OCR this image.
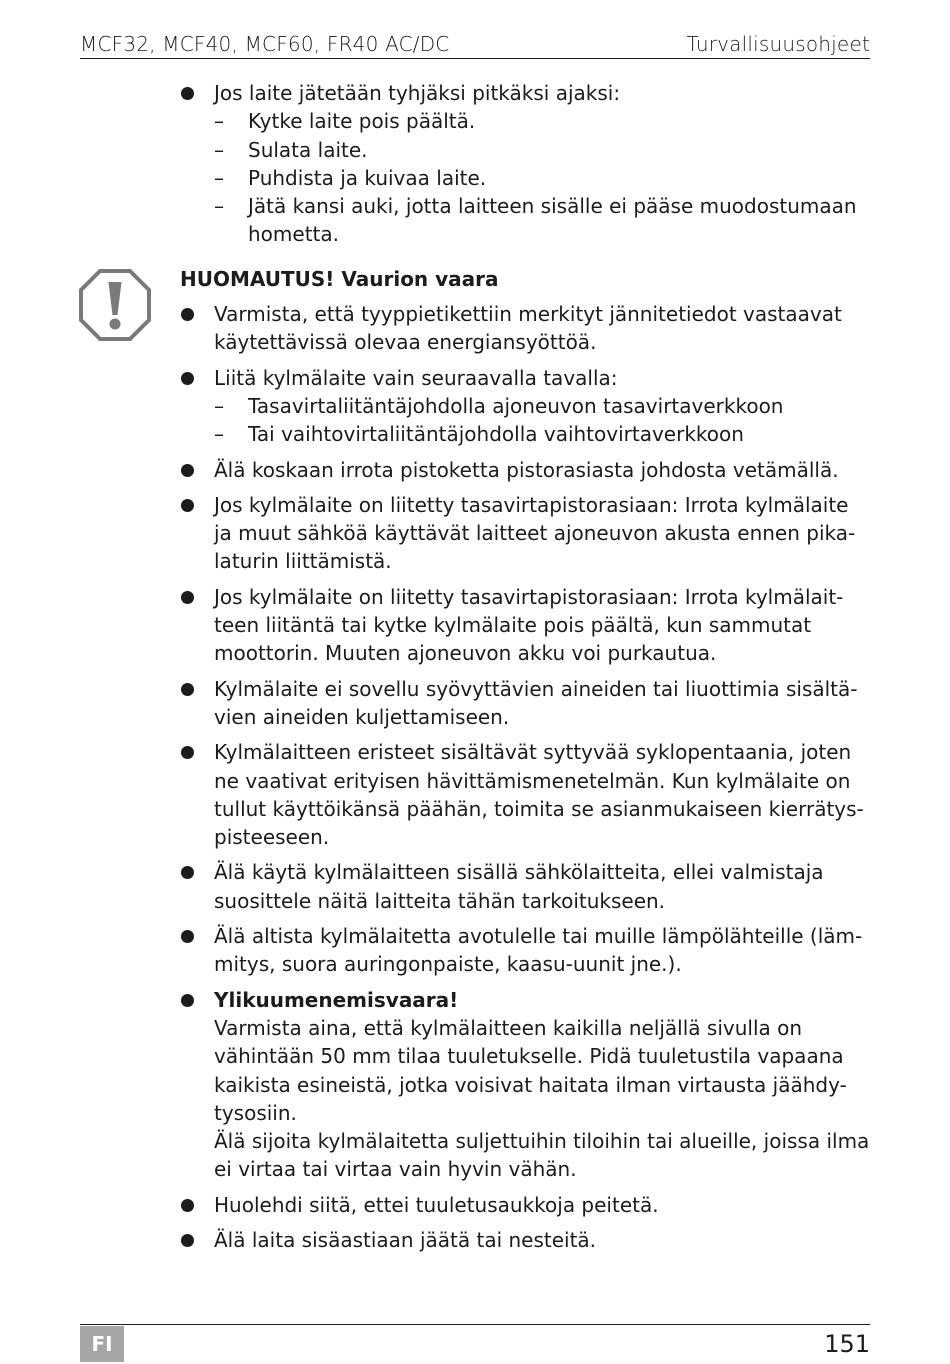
MCF32, MCF40, MCF60, FR40 AC/DC	Turvallisuusohjeet

Jos laite jätetään tyhjäksi pitkäksi ajaksi:

– Kytke laite pois päältä.

– Sulata laite.

– Puhdista ja kuivaa laite.

– Jätä kansi auki, jotta laitteen sisälle ei pääse muodostumaan hometta.

HUOMAUTUS! Vaurion vaara

Varmista, että tyyppietikettiin merkityt jännitetiedot vastaavat käytettävissä olevaa energiansyöttöä.

Liitä kylmälaite vain seuraavalla tavalla:

– Tasavirtaliitäntäjohdolla ajoneuvon tasavirtaverkkoon

– Tai vaihtovirtaliitäntäjohdolla vaihtovirtaverkkoon

Älä koskaan irrota pistoketta pistorasiasta johdosta vetämällä.

Jos kylmälaite on liitetty tasavirtapistorasiaan: Irrota kylmälaite ja muut sähköä käyttävät laitteet ajoneuvon akusta ennen pika-laturin liittämistä.

Jos kylmälaite on liitetty tasavirtapistorasiaan: Irrota kylmälait-teen liitäntä tai kytke kylmälaite pois päältä, kun sammutat moottorin. Muuten ajoneuvon akku voi purkautua.

Kylmälaite ei sovellu syövyttävien aineiden tai liuottimia sisältä-vien aineiden kuljettamiseen.

Kylmälaitteen eristeet sisältävät syttyvää syklopentaania, joten ne vaativat erityisen hävittämismenetelmän. Kun kylmälaite on tullut käyttöikänsä päähän, toimita se asianmukaiseen kierrätys-pisteeseen.

Älä käytä kylmälaitteen sisällä sähkölaitteita, ellei valmistaja suosittele näitä laitteita tähän tarkoitukseen.

Älä altista kylmälaitetta avotulelle tai muille lämpölähteille (läm-mitys, suora auringonpaiste, kaasu-uunit jne.).

Ylikuumenemisvaara!
Varmista aina, että kylmälaitteen kaikilla neljällä sivulla on vähintään 50 mm tilaa tuuletukselle. Pidä tuuletustila vapaana kaikista esineistä, jotka voisivat haitata ilman virtausta jäähdy-tysosiin.
Älä sijoita kylmälaitetta suljettuihin tiloihin tai alueille, joissa ilma ei virtaa tai virtaa vain hyvin vähän.

Huolehdi siitä, ettei tuuletusaukkoja peitetä.

Älä laita sisäastiaan jäätä tai nesteitä.

FI	151
